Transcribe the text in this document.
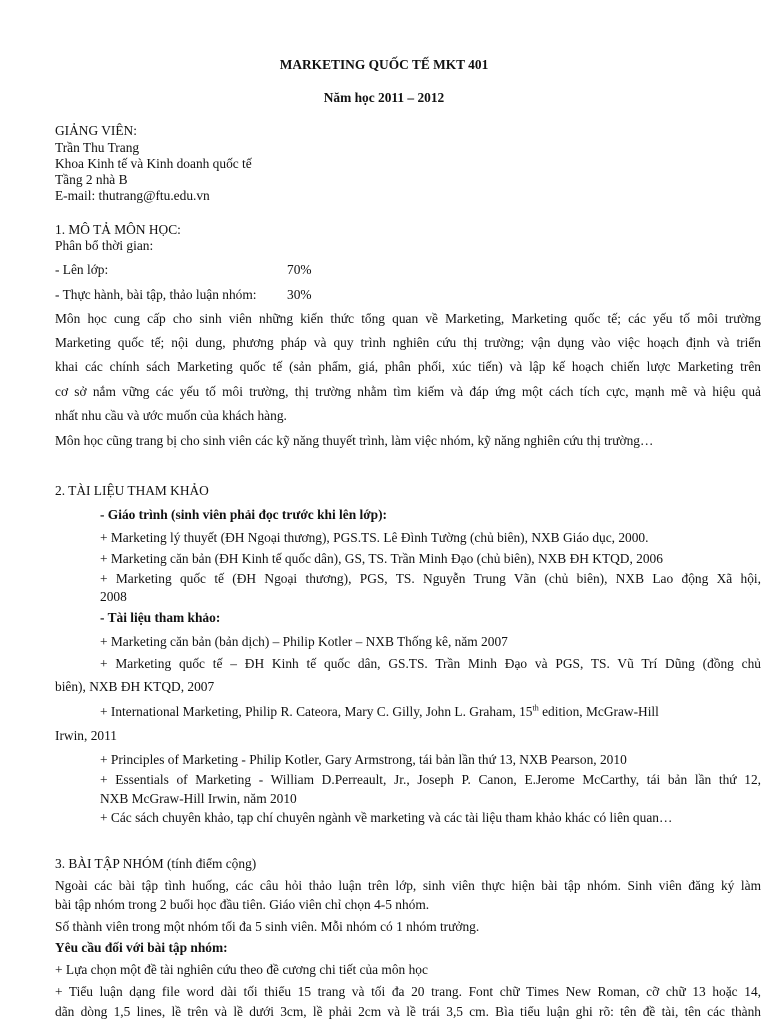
MARKETING QUỐC TẾ MKT 401
Năm học 2011 – 2012
GIẢNG VIÊN:
Trần Thu Trang
Khoa Kinh tế và Kinh doanh quốc tế
Tầng 2 nhà B
E-mail: thutrang@ftu.edu.vn
1. MÔ TẢ MÔN HỌC:
Phân bổ thời gian:
- Lên lớp:	70%
- Thực hành, bài tập, thảo luận nhóm: 30%
Môn học cung cấp cho sinh viên những kiến thức tổng quan về Marketing, Marketing quốc tế; các yếu tố môi trường
Marketing quốc tế; nội dung, phương pháp và quy trình nghiên cứu thị trường; vận dụng vào việc hoạch định và triển
khai các chính sách Marketing quốc tế (sản phẩm, giá, phân phối, xúc tiến) và lập kế hoạch chiến lược Marketing trên
cơ sở nắm vững các yếu tố môi trường, thị trường nhằm tìm kiếm và đáp ứng một cách tích cực, mạnh mẽ và hiệu quả
nhất nhu cầu và ước muốn của khách hàng.
Môn học cũng trang bị cho sinh viên các kỹ năng thuyết trình, làm việc nhóm, kỹ năng nghiên cứu thị trường…
2. TÀI LIỆU THAM KHẢO
- Giáo trình (sinh viên phải đọc trước khi lên lớp):
+ Marketing lý thuyết (ĐH Ngoại thương), PGS.TS. Lê Đình Tường (chủ biên), NXB Giáo dục, 2000.
+ Marketing căn bản (ĐH Kinh tế quốc dân), GS, TS. Trần Minh Đạo (chủ biên), NXB ĐH KTQD, 2006
+ Marketing quốc tế (ĐH Ngoại thương), PGS, TS. Nguyễn Trung Vãn (chủ biên), NXB Lao động Xã hội,
2008
- Tài liệu tham khảo:
+ Marketing căn bản (bản dịch) – Philip Kotler – NXB Thống kê, năm 2007
+ Marketing quốc tế – ĐH Kinh tế quốc dân, GS.TS. Trần Minh Đạo và PGS, TS. Vũ Trí Dũng (đồng chủ
biên), NXB ĐH KTQD, 2007
+ International Marketing, Philip R. Cateora, Mary C. Gilly, John L. Graham, 15th edition, McGraw-Hill
Irwin, 2011
+ Principles of Marketing - Philip Kotler, Gary Armstrong, tái bản lần thứ 13, NXB Pearson, 2010
+ Essentials of Marketing - William D.Perreault, Jr., Joseph P. Canon, E.Jerome McCarthy, tái bản lần thứ 12,
NXB McGraw-Hill Irwin, năm 2010
+ Các sách chuyên khảo, tạp chí chuyên ngành về marketing và các tài liệu tham khảo khác có liên quan…
3. BÀI TẬP NHÓM (tính điểm cộng)
Ngoài các bài tập tình huống, các câu hỏi thảo luận trên lớp, sinh viên thực hiện bài tập nhóm. Sinh viên đăng ký làm
bài tập nhóm trong 2 buổi học đầu tiên. Giáo viên chỉ chọn 4-5 nhóm.
Số thành viên trong một nhóm tối đa 5 sinh viên. Mỗi nhóm có 1 nhóm trưởng.
Yêu cầu đối với bài tập nhóm:
+ Lựa chọn một đề tài nghiên cứu theo đề cương chi tiết của môn học
+ Tiểu luận dạng file word dài tối thiểu 15 trang và tối đa 20 trang. Font chữ Times New Roman, cỡ chữ 13 hoặc 14,
dãn dòng 1,5 lines, lề trên và lề dưới 3cm, lề phải 2cm và lề trái 3,5 cm. Bìa tiểu luận ghi rõ: tên đề tài, tên các thành
